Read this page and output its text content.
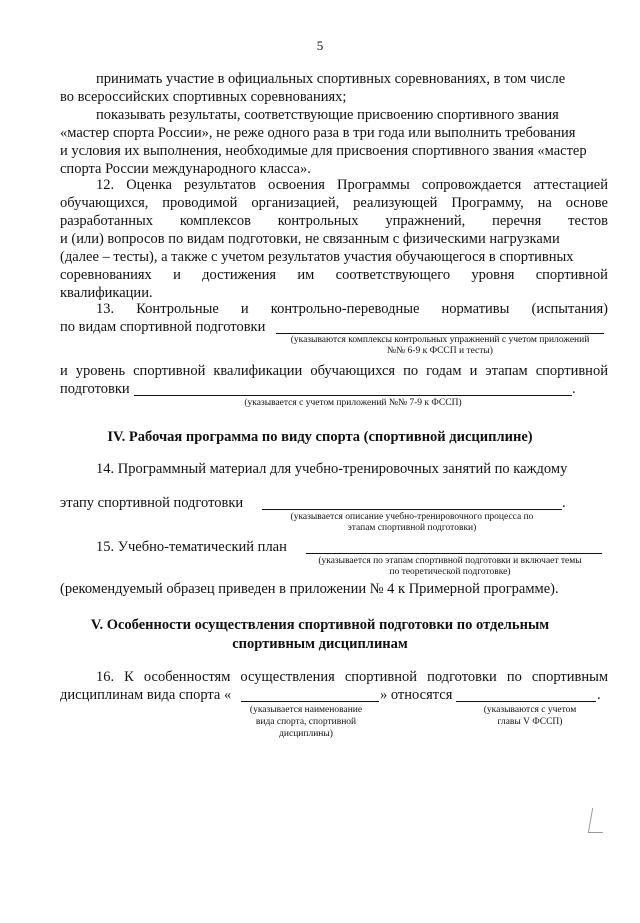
5
принимать участие в официальных спортивных соревнованиях, в том числе
во всероссийских спортивных соревнованиях;
показывать результаты, соответствующие присвоению спортивного звания
«мастер спорта России», не реже одного раза в три года или выполнить требования
и условия их выполнения, необходимые для присвоения спортивного звания «мастер
спорта России международного класса».
12. Оценка результатов освоения Программы сопровождается аттестацией
обучающихся, проводимой организацией, реализующей Программу, на основе
разработанных комплексов контрольных упражнений, перечня тестов
и (или) вопросов по видам подготовки, не связанным с физическими нагрузками
(далее – тесты), а также с учетом результатов участия обучающегося в спортивных
соревнованиях и достижения им соответствующего уровня спортивной
квалификации.
13. Контрольные и контрольно-переводные нормативы (испытания)
по видам спортивной подготовки
(указываются комплексы контрольных упражнений с учетом приложений
№№ 6-9 к ФССП и тесты)
и уровень спортивной квалификации обучающихся по годам и этапам спортивной
подготовки	.
(указывается с учетом приложений №№ 7-9 к ФССП)
IV. Рабочая программа по виду спорта (спортивной дисциплине)
14. Программный материал для учебно-тренировочных занятий по каждому
этапу спортивной подготовки	.
(указывается описание учебно-тренировочного процесса по
этапам спортивной подготовки)
15. Учебно-тематический план
(указывается по этапам спортивной подготовки и включает темы
по теоретической подготовке)
(рекомендуемый образец приведен в приложении № 4 к Примерной программе).
V. Особенности осуществления спортивной подготовки по отдельным
спортивным дисциплинам
16. К особенностям осуществления спортивной подготовки по спортивным
дисциплинам вида спорта «	» относятся	.
(указывается наименование
вида спорта, спортивной
дисциплины)
(указываются с учетом
главы V ФССП)
